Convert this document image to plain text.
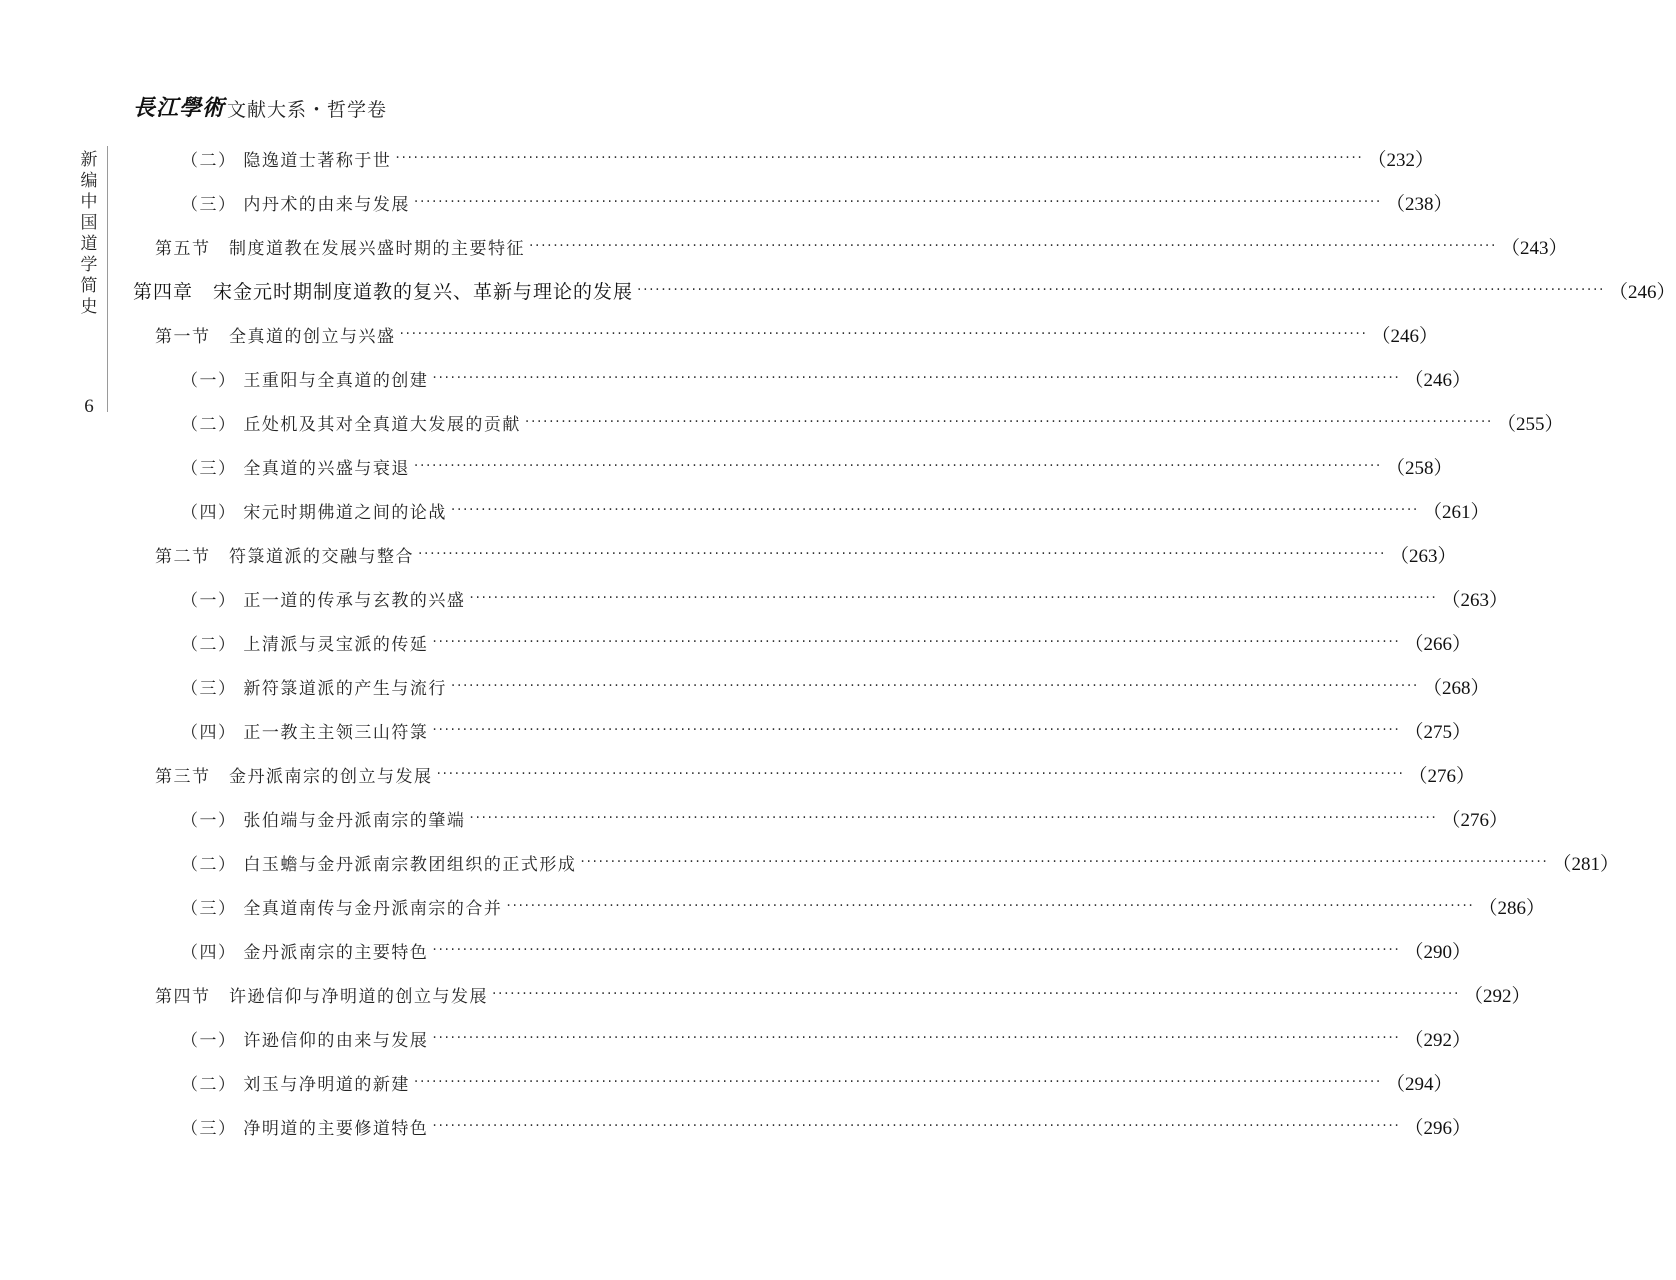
長江學術 文献大系・哲学卷
新编中国道学简史
6
（二） 隐逸道士著称于世 ································································································································································ （232）
（三） 内丹术的由来与发展 ································································································································································ （238）
第五节　制度道教在发展兴盛时期的主要特征 ································································································································································ （243）
第四章　宋金元时期制度道教的复兴、革新与理论的发展 ································································································································································ （246）
第一节　全真道的创立与兴盛 ································································································································································ （246）
（一） 王重阳与全真道的创建 ································································································································································ （246）
（二） 丘处机及其对全真道大发展的贡献 ································································································································································ （255）
（三） 全真道的兴盛与衰退 ································································································································································ （258）
（四） 宋元时期佛道之间的论战 ································································································································································ （261）
第二节　符箓道派的交融与整合 ································································································································································ （263）
（一） 正一道的传承与玄教的兴盛 ································································································································································ （263）
（二） 上清派与灵宝派的传延 ································································································································································ （266）
（三） 新符箓道派的产生与流行 ································································································································································ （268）
（四） 正一教主主领三山符箓 ································································································································································ （275）
第三节　金丹派南宗的创立与发展 ································································································································································ （276）
（一） 张伯端与金丹派南宗的肇端 ································································································································································ （276）
（二） 白玉蟾与金丹派南宗教团组织的正式形成 ································································································································································ （281）
（三） 全真道南传与金丹派南宗的合并 ································································································································································ （286）
（四） 金丹派南宗的主要特色 ································································································································································ （290）
第四节　许逊信仰与净明道的创立与发展 ································································································································································ （292）
（一） 许逊信仰的由来与发展 ································································································································································ （292）
（二） 刘玉与净明道的新建 ································································································································································ （294）
（三） 净明道的主要修道特色 ································································································································································ （296）
